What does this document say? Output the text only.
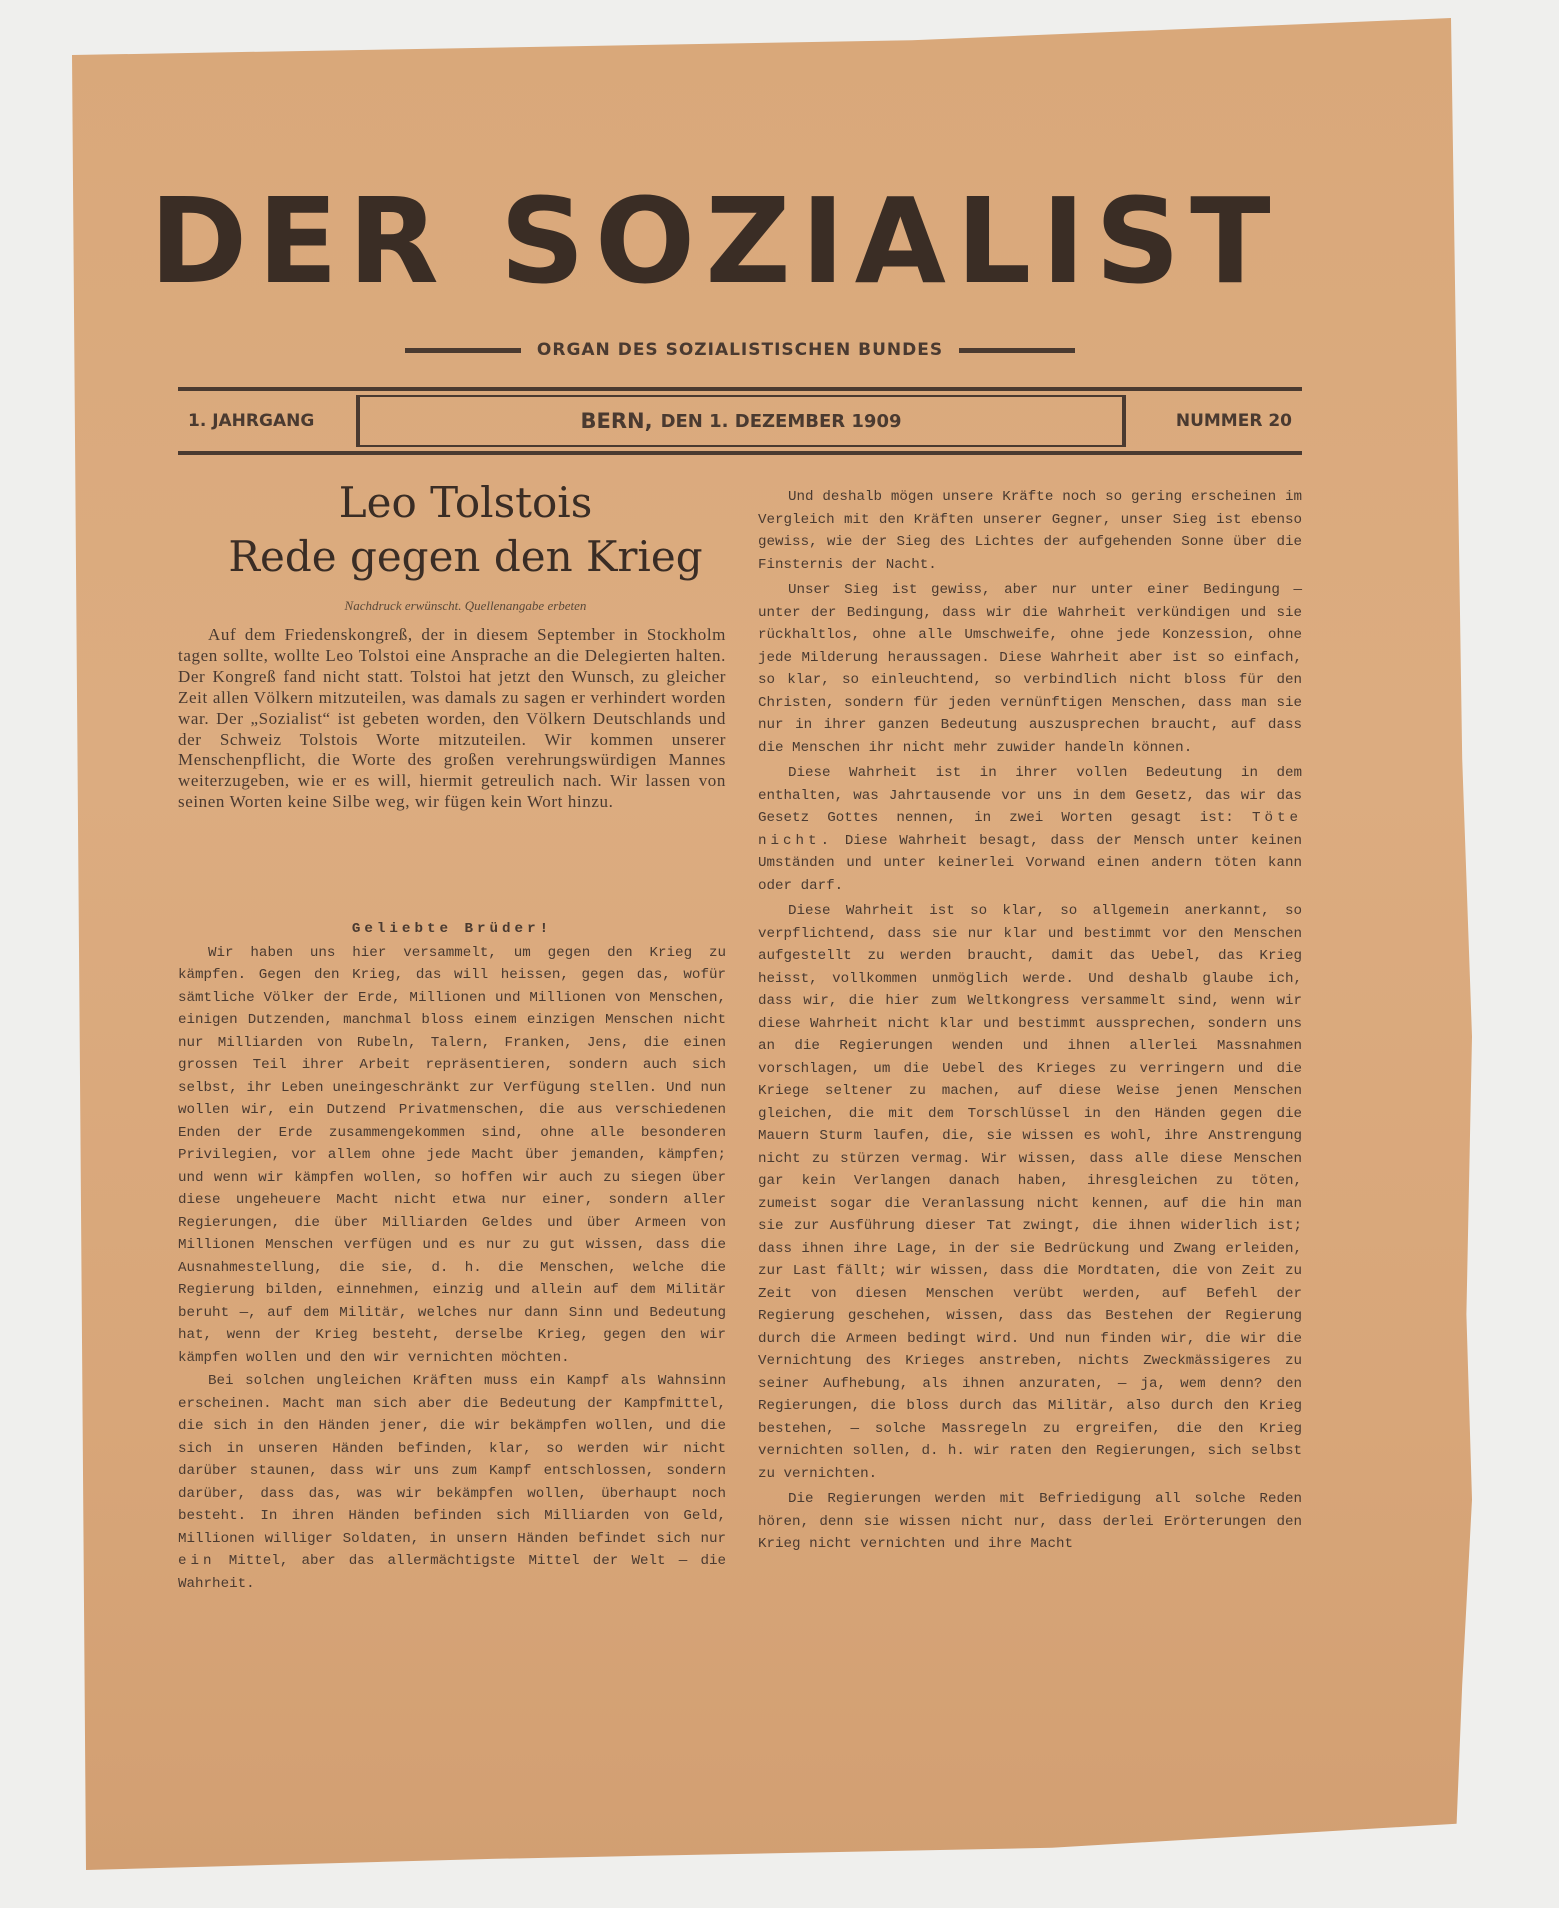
DER SOZIALIST
ORGAN DES SOZIALISTISCHEN BUNDES
1. JAHRGANG	BERN, DEN 1. DEZEMBER 1909	NUMMER 20
Leo Tolstois
Rede gegen den Krieg
Nachdruck erwünscht. Quellenangabe erbeten

Auf dem Friedenskongreß, der in diesem September in Stockholm tagen sollte, wollte Leo Tolstoi eine Ansprache an die Delegierten halten. Der Kongreß fand nicht statt. Tolstoi hat jetzt den Wunsch, zu gleicher Zeit allen Völkern mitzuteilen, was damals zu sagen er verhindert worden war. Der „Sozialist“ ist gebeten worden, den Völkern Deutschlands und der Schweiz Tolstois Worte mitzuteilen. Wir kommen unserer Menschenpflicht, die Worte des großen verehrungswürdigen Mannes weiterzugeben, wie er es will, hiermit getreulich nach. Wir lassen von seinen Worten keine Silbe weg, wir fügen kein Wort hinzu.

Geliebte Brüder!

Wir haben uns hier versammelt, um gegen den Krieg zu kämpfen. Gegen den Krieg, das will heissen, gegen das, wofür sämtliche Völker der Erde, Millionen und Millionen von Menschen, einigen Dutzenden, manchmal bloss einem einzigen Menschen nicht nur Milliarden von Rubeln, Talern, Franken, Jens, die einen grossen Teil ihrer Arbeit repräsentieren, sondern auch sich selbst, ihr Leben uneingeschränkt zur Verfügung stellen. Und nun wollen wir, ein Dutzend Privatmenschen, die aus verschiedenen Enden der Erde zusammengekommen sind, ohne alle besonderen Privilegien, vor allem ohne jede Macht über jemanden, kämpfen; und wenn wir kämpfen wollen, so hoffen wir auch zu siegen über diese ungeheuere Macht nicht etwa nur einer, sondern aller Regierungen, die über Milliarden Geldes und über Armeen von Millionen Menschen verfügen und es nur zu gut wissen, dass die Ausnahmestellung, die sie, d. h. die Menschen, welche die Regierung bilden, einnehmen, einzig und allein auf dem Militär beruht —, auf dem Militär, welches nur dann Sinn und Bedeutung hat, wenn der Krieg besteht, derselbe Krieg, gegen den wir kämpfen wollen und den wir vernichten möchten.

Bei solchen ungleichen Kräften muss ein Kampf als Wahnsinn erscheinen. Macht man sich aber die Bedeutung der Kampfmittel, die sich in den Händen jener, die wir bekämpfen wollen, und die sich in unseren Händen befinden, klar, so werden wir nicht darüber staunen, dass wir uns zum Kampf entschlossen, sondern darüber, dass das, was wir bekämpfen wollen, überhaupt noch besteht. In ihren Händen befinden sich Milliarden von Geld, Millionen williger Soldaten, in unsern Händen befindet sich nur ein Mittel, aber das allermächtigste Mittel der Welt — die Wahrheit.

Und deshalb mögen unsere Kräfte noch so gering erscheinen im Vergleich mit den Kräften unserer Gegner, unser Sieg ist ebenso gewiss, wie der Sieg des Lichtes der aufgehenden Sonne über die Finsternis der Nacht.

Unser Sieg ist gewiss, aber nur unter einer Bedingung — unter der Bedingung, dass wir die Wahrheit verkündigen und sie rückhaltlos, ohne alle Umschweife, ohne jede Konzession, ohne jede Milderung heraussagen. Diese Wahrheit aber ist so einfach, so klar, so einleuchtend, so verbindlich nicht bloss für den Christen, sondern für jeden vernünftigen Menschen, dass man sie nur in ihrer ganzen Bedeutung auszusprechen braucht, auf dass die Menschen ihr nicht mehr zuwider handeln können.

Diese Wahrheit ist in ihrer vollen Bedeutung in dem enthalten, was Jahrtausende vor uns in dem Gesetz, das wir das Gesetz Gottes nennen, in zwei Worten gesagt ist: Töte nicht. Diese Wahrheit besagt, dass der Mensch unter keinen Umständen und unter keinerlei Vorwand einen andern töten kann oder darf.

Diese Wahrheit ist so klar, so allgemein anerkannt, so verpflichtend, dass sie nur klar und bestimmt vor den Menschen aufgestellt zu werden braucht, damit das Uebel, das Krieg heisst, vollkommen unmöglich werde. Und deshalb glaube ich, dass wir, die hier zum Weltkongress versammelt sind, wenn wir diese Wahrheit nicht klar und bestimmt aussprechen, sondern uns an die Regierungen wenden und ihnen allerlei Massnahmen vorschlagen, um die Uebel des Krieges zu verringern und die Kriege seltener zu machen, auf diese Weise jenen Menschen gleichen, die mit dem Torschlüssel in den Händen gegen die Mauern Sturm laufen, die, sie wissen es wohl, ihre Anstrengung nicht zu stürzen vermag. Wir wissen, dass alle diese Menschen gar kein Verlangen danach haben, ihresgleichen zu töten, zumeist sogar die Veranlassung nicht kennen, auf die hin man sie zur Ausführung dieser Tat zwingt, die ihnen widerlich ist; dass ihnen ihre Lage, in der sie Bedrückung und Zwang erleiden, zur Last fällt; wir wissen, dass die Mordtaten, die von Zeit zu Zeit von diesen Menschen verübt werden, auf Befehl der Regierung geschehen, wissen, dass das Bestehen der Regierung durch die Armeen bedingt wird. Und nun finden wir, die wir die Vernichtung des Krieges anstreben, nichts Zweckmässigeres zu seiner Aufhebung, als ihnen anzuraten, — ja, wem denn? den Regierungen, die bloss durch das Militär, also durch den Krieg bestehen, — solche Massregeln zu ergreifen, die den Krieg vernichten sollen, d. h. wir raten den Regierungen, sich selbst zu vernichten.

Die Regierungen werden mit Befriedigung all solche Reden hören, denn sie wissen nicht nur, dass derlei Erörterungen den Krieg nicht vernichten und ihre Macht
